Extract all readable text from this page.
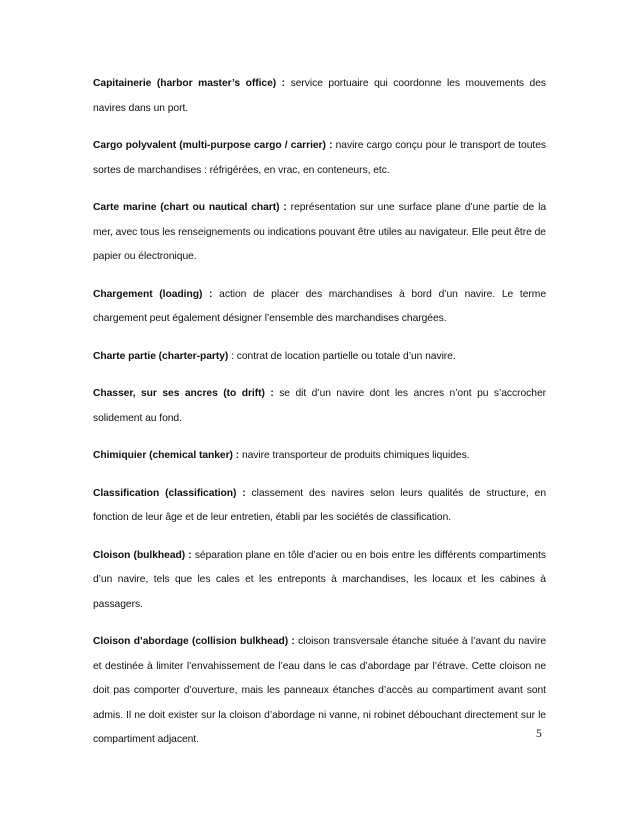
Capitainerie (harbor master’s office) : service portuaire qui coordonne les mouvements des navires dans un port.

Cargo polyvalent (multi-purpose cargo / carrier) : navire cargo conçu pour le transport de toutes sortes de marchandises : réfrigérées, en vrac, en conteneurs, etc.

Carte marine (chart ou nautical chart) : représentation sur une surface plane d’une partie de la mer, avec tous les renseignements ou indications pouvant être utiles au navigateur. Elle peut être de papier ou électronique.

Chargement (loading) : action de placer des marchandises à bord d’un navire. Le terme chargement peut également désigner l’ensemble des marchandises chargées.

Charte partie (charter-party) : contrat de location partielle ou totale d’un navire.

Chasser, sur ses ancres (to drift) : se dit d’un navire dont les ancres n’ont pu s’accrocher solidement au fond.

Chimiquier (chemical tanker) : navire transporteur de produits chimiques liquides.

Classification (classification) : classement des navires selon leurs qualités de structure, en fonction de leur âge et de leur entretien, établi par les sociétés de classification.

Cloison (bulkhead) : séparation plane en tôle d’acier ou en bois entre les différents compartiments d’un navire, tels que les cales et les entreponts à marchandises, les locaux et les cabines à passagers.

Cloison d’abordage (collision bulkhead) : cloison transversale étanche située à l’avant du navire et destinée à limiter l’envahissement de l’eau dans le cas d’abordage par l’étrave. Cette cloison ne doit pas comporter d’ouverture, mais les panneaux étanches d’accès au compartiment avant sont admis. Il ne doit exister sur la cloison d’abordage ni vanne, ni robinet débouchant directement sur le compartiment adjacent.	5
